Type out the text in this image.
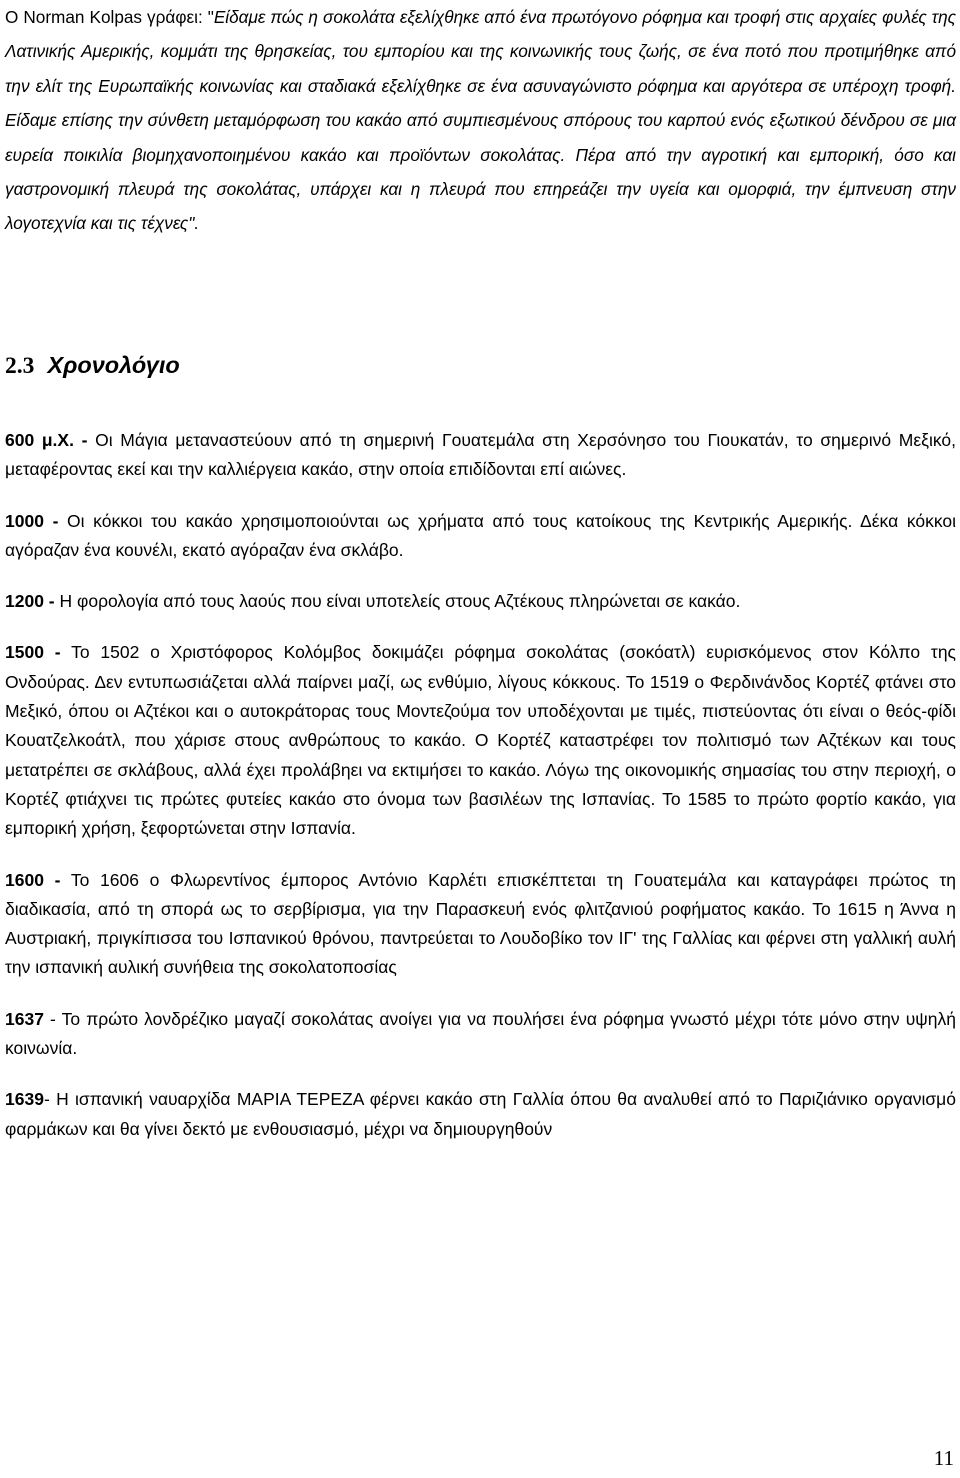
Ο Norman Kolpas γράφει: "Είδαμε πώς η σοκολάτα εξελίχθηκε από ένα πρωτόγονο ρόφημα και τροφή στις αρχαίες φυλές της Λατινικής Αμερικής, κομμάτι της θρησκείας, του εμπορίου και της κοινωνικής τους ζωής, σε ένα ποτό που προτιμήθηκε από την ελίτ της Ευρωπαϊκής κοινωνίας και σταδιακά εξελίχθηκε σε ένα ασυναγώνιστο ρόφημα και αργότερα σε υπέροχη τροφή. Είδαμε επίσης την σύνθετη μεταμόρφωση του κακάο από συμπιεσμένους σπόρους του καρπού ενός εξωτικού δένδρου σε μια ευρεία ποικιλία βιομηχανοποιημένου κακάο και προϊόντων σοκολάτας. Πέρα από την αγροτική και εμπορική, όσο και γαστρονομική πλευρά της σοκολάτας, υπάρχει και η πλευρά που επηρεάζει την υγεία και ομορφιά, την έμπνευση στην λογοτεχνία και τις τέχνες".

2.3 Χρονολόγιο

600 μ.Χ. - Οι Μάγια μεταναστεύουν από τη σημερινή Γουατεμάλα στη Χερσόνησο του Γιουκατάν, το σημερινό Μεξικό, μεταφέροντας εκεί και την καλλιέργεια κακάο, στην οποία επιδίδονται επί αιώνες.

1000 - Οι κόκκοι του κακάο χρησιμοποιούνται ως χρήματα από τους κατοίκους της Κεντρικής Αμερικής. Δέκα κόκκοι αγόραζαν ένα κουνέλι, εκατό αγόραζαν ένα σκλάβο.

1200 - Η φορολογία από τους λαούς που είναι υποτελείς στους Αζτέκους πληρώνεται σε κακάο.

1500 - Το 1502 ο Χριστόφορος Κολόμβος δοκιμάζει ρόφημα σοκολάτας (σοκόατλ) ευρισκόμενος στον Κόλπο της Ονδούρας. Δεν εντυπωσιάζεται αλλά παίρνει μαζί, ως ενθύμιο, λίγους κόκκους. Το 1519 ο Φερδινάνδος Κορτέζ φτάνει στο Μεξικό, όπου οι Αζτέκοι και ο αυτοκράτορας τους Μοντεζούμα τον υποδέχονται με τιμές, πιστεύοντας ότι είναι ο θεός-φίδι Κουατζελκοάτλ, που χάρισε στους ανθρώπους το κακάο. Ο Κορτέζ καταστρέφει τον πολιτισμό των Αζτέκων και τους μετατρέπει σε σκλάβους, αλλά έχει προλάβηει να εκτιμήσει το κακάο. Λόγω της οικονομικής σημασίας του στην περιοχή, ο Κορτέζ φτιάχνει τις πρώτες φυτείες κακάο στο όνομα των βασιλέων της Ισπανίας. Το 1585 το πρώτο φορτίο κακάο, για εμπορική χρήση, ξεφορτώνεται στην Ισπανία.

1600 - Το 1606 ο Φλωρεντίνος έμπορος Αντόνιο Καρλέτι επισκέπτεται τη Γουατεμάλα και καταγράφει πρώτος τη διαδικασία, από τη σπορά ως το σερβίρισμα, για την Παρασκευή ενός φλιτζανιού ροφήματος κακάο. Το 1615 η Άννα η Αυστριακή, πριγκίπισσα του Ισπανικού θρόνου, παντρεύεται το Λουδοβίκο τον ΙΓ' της Γαλλίας και φέρνει στη γαλλική αυλή την ισπανική αυλική συνήθεια της σοκολατοποσίας

1637 - Το πρώτο λονδρέζικο μαγαζί σοκολάτας ανοίγει για να πουλήσει ένα ρόφημα γνωστό μέχρι τότε μόνο στην υψηλή κοινωνία.

1639- Η ισπανική ναυαρχίδα ΜΑΡΙΑ ΤΕΡΕΖΑ φέρνει κακάο στη Γαλλία όπου θα αναλυθεί από το Παριζιάνικο οργανισμό φαρμάκων και θα γίνει δεκτό με ενθουσιασμό, μέχρι να δημιουργηθούν

11
